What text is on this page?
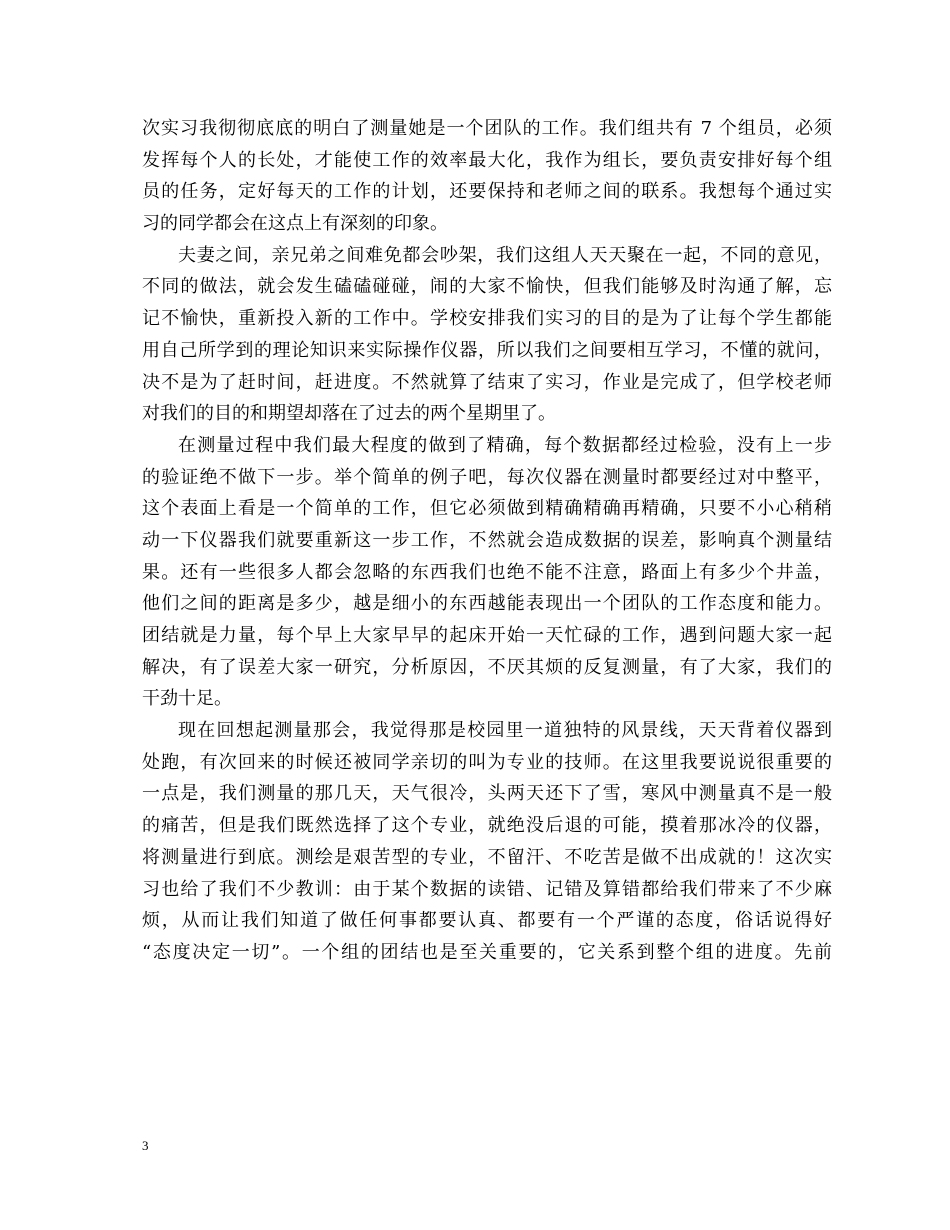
次实习我彻彻底底的明白了测量她是一个团队的工作。我们组共有 7 个组员，必须
发挥每个人的长处，才能使工作的效率最大化，我作为组长，要负责安排好每个组
员的任务，定好每天的工作的计划，还要保持和老师之间的联系。我想每个通过实
习的同学都会在这点上有深刻的印象。
夫妻之间，亲兄弟之间难免都会吵架，我们这组人天天聚在一起，不同的意见，
不同的做法，就会发生磕磕碰碰，闹的大家不愉快，但我们能够及时沟通了解，忘
记不愉快，重新投入新的工作中。学校安排我们实习的目的是为了让每个学生都能
用自己所学到的理论知识来实际操作仪器，所以我们之间要相互学习，不懂的就问，
决不是为了赶时间，赶进度。不然就算了结束了实习，作业是完成了，但学校老师
对我们的目的和期望却落在了过去的两个星期里了。
在测量过程中我们最大程度的做到了精确，每个数据都经过检验，没有上一步
的验证绝不做下一步。举个简单的例子吧，每次仪器在测量时都要经过对中整平，
这个表面上看是一个简单的工作，但它必须做到精确精确再精确，只要不小心稍稍
动一下仪器我们就要重新这一步工作，不然就会造成数据的误差，影响真个测量结
果。还有一些很多人都会忽略的东西我们也绝不能不注意，路面上有多少个井盖，
他们之间的距离是多少，越是细小的东西越能表现出一个团队的工作态度和能力。
团结就是力量，每个早上大家早早的起床开始一天忙碌的工作，遇到问题大家一起
解决，有了误差大家一研究，分析原因，不厌其烦的反复测量，有了大家，我们的
干劲十足。
现在回想起测量那会，我觉得那是校园里一道独特的风景线，天天背着仪器到
处跑，有次回来的时候还被同学亲切的叫为专业的技师。在这里我要说说很重要的
一点是，我们测量的那几天，天气很冷，头两天还下了雪，寒风中测量真不是一般
的痛苦，但是我们既然选择了这个专业，就绝没后退的可能，摸着那冰冷的仪器，
将测量进行到底。测绘是艰苦型的专业，不留汗、不吃苦是做不出成就的！这次实
习也给了我们不少教训：由于某个数据的读错、记错及算错都给我们带来了不少麻
烦，从而让我们知道了做任何事都要认真、都要有一个严谨的态度，俗话说得好
“态度决定一切”。一个组的团结也是至关重要的，它关系到整个组的进度。先前
3
